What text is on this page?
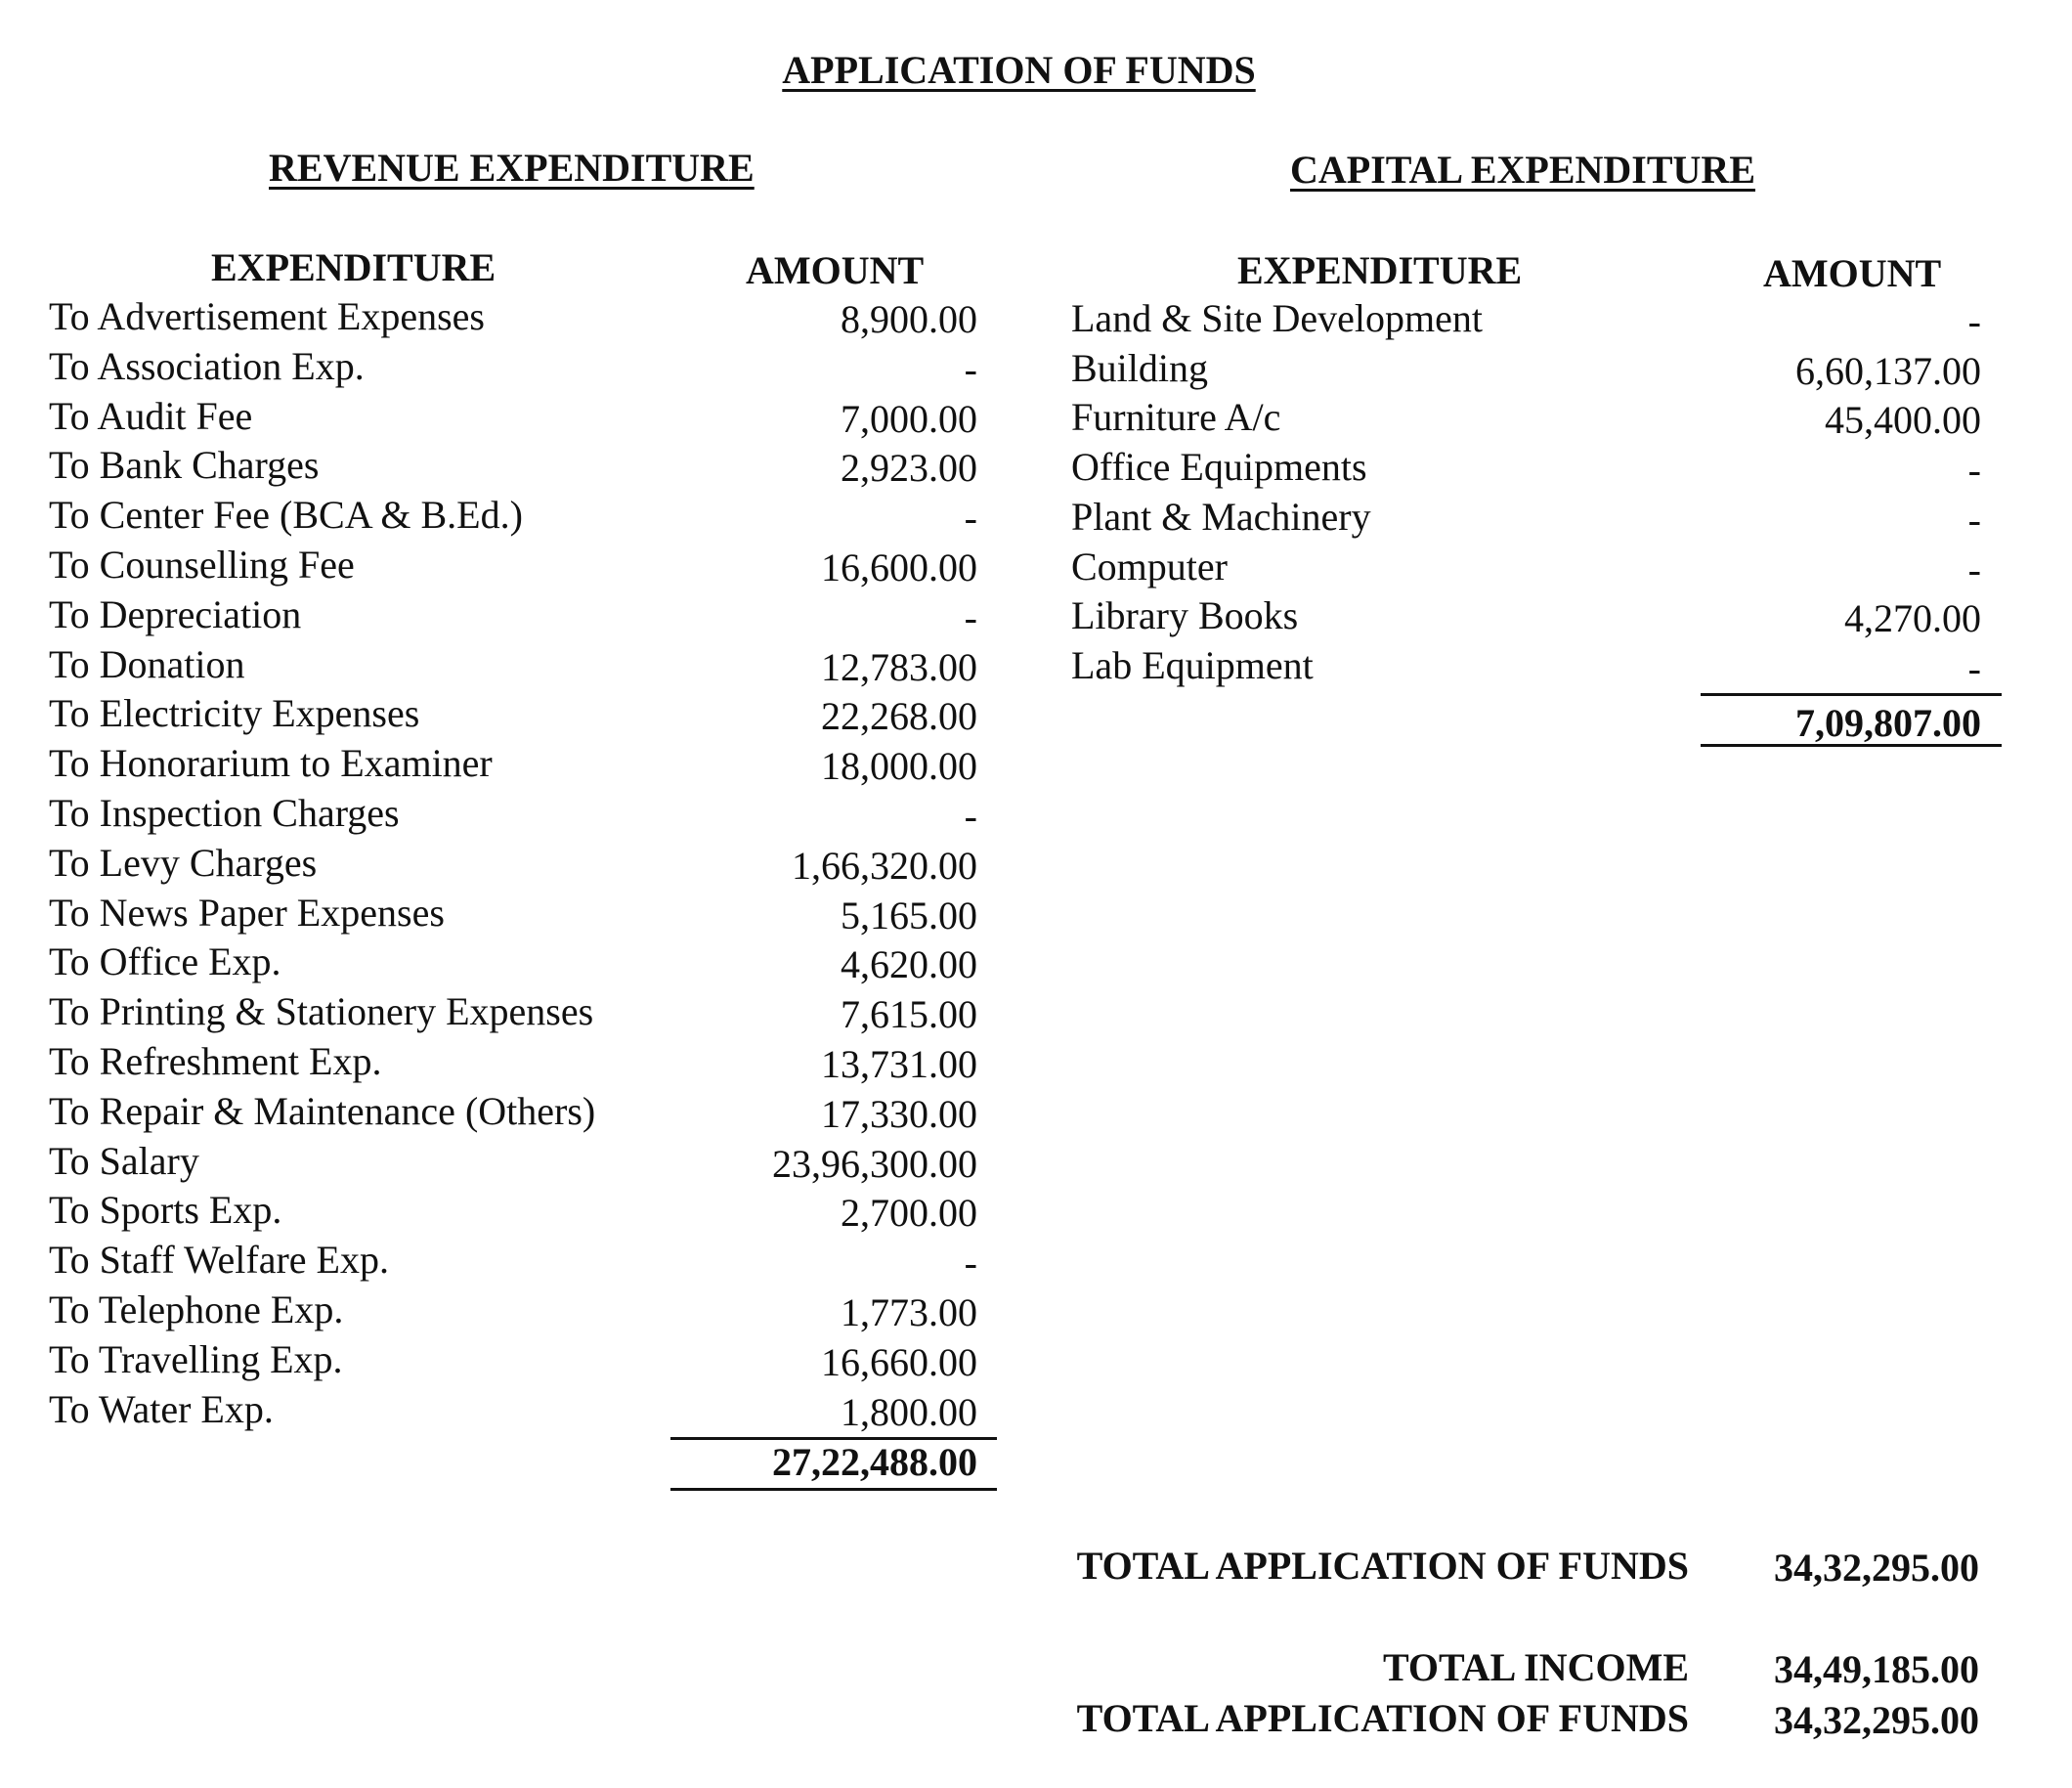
APPLICATION OF FUNDS
REVENUE EXPENDITURE
EXPENDITURE	AMOUNT
To Advertisement Expenses	8,900.00
To Association Exp.	-
To Audit Fee	7,000.00
To Bank Charges	2,923.00
To Center Fee (BCA & B.Ed.)	-
To Counselling Fee	16,600.00
To Depreciation	-
To Donation	12,783.00
To Electricity Expenses	22,268.00
To Honorarium to Examiner	18,000.00
To Inspection Charges	-
To Levy Charges	1,66,320.00
To News Paper Expenses	5,165.00
To Office Exp.	4,620.00
To Printing & Stationery Expenses	7,615.00
To Refreshment Exp.	13,731.00
To Repair & Maintenance (Others)	17,330.00
To Salary	23,96,300.00
To Sports Exp.	2,700.00
To Staff Welfare Exp.	-
To Telephone Exp.	1,773.00
To Travelling Exp.	16,660.00
To Water Exp.	1,800.00
27,22,488.00
CAPITAL EXPENDITURE
EXPENDITURE	AMOUNT
Land & Site Development	-
Building	6,60,137.00
Furniture A/c	45,400.00
Office Equipments	-
Plant & Machinery	-
Computer	-
Library Books	4,270.00
Lab Equipment	-
7,09,807.00
TOTAL APPLICATION OF FUNDS	34,32,295.00
TOTAL INCOME	34,49,185.00
TOTAL APPLICATION OF FUNDS	34,32,295.00
